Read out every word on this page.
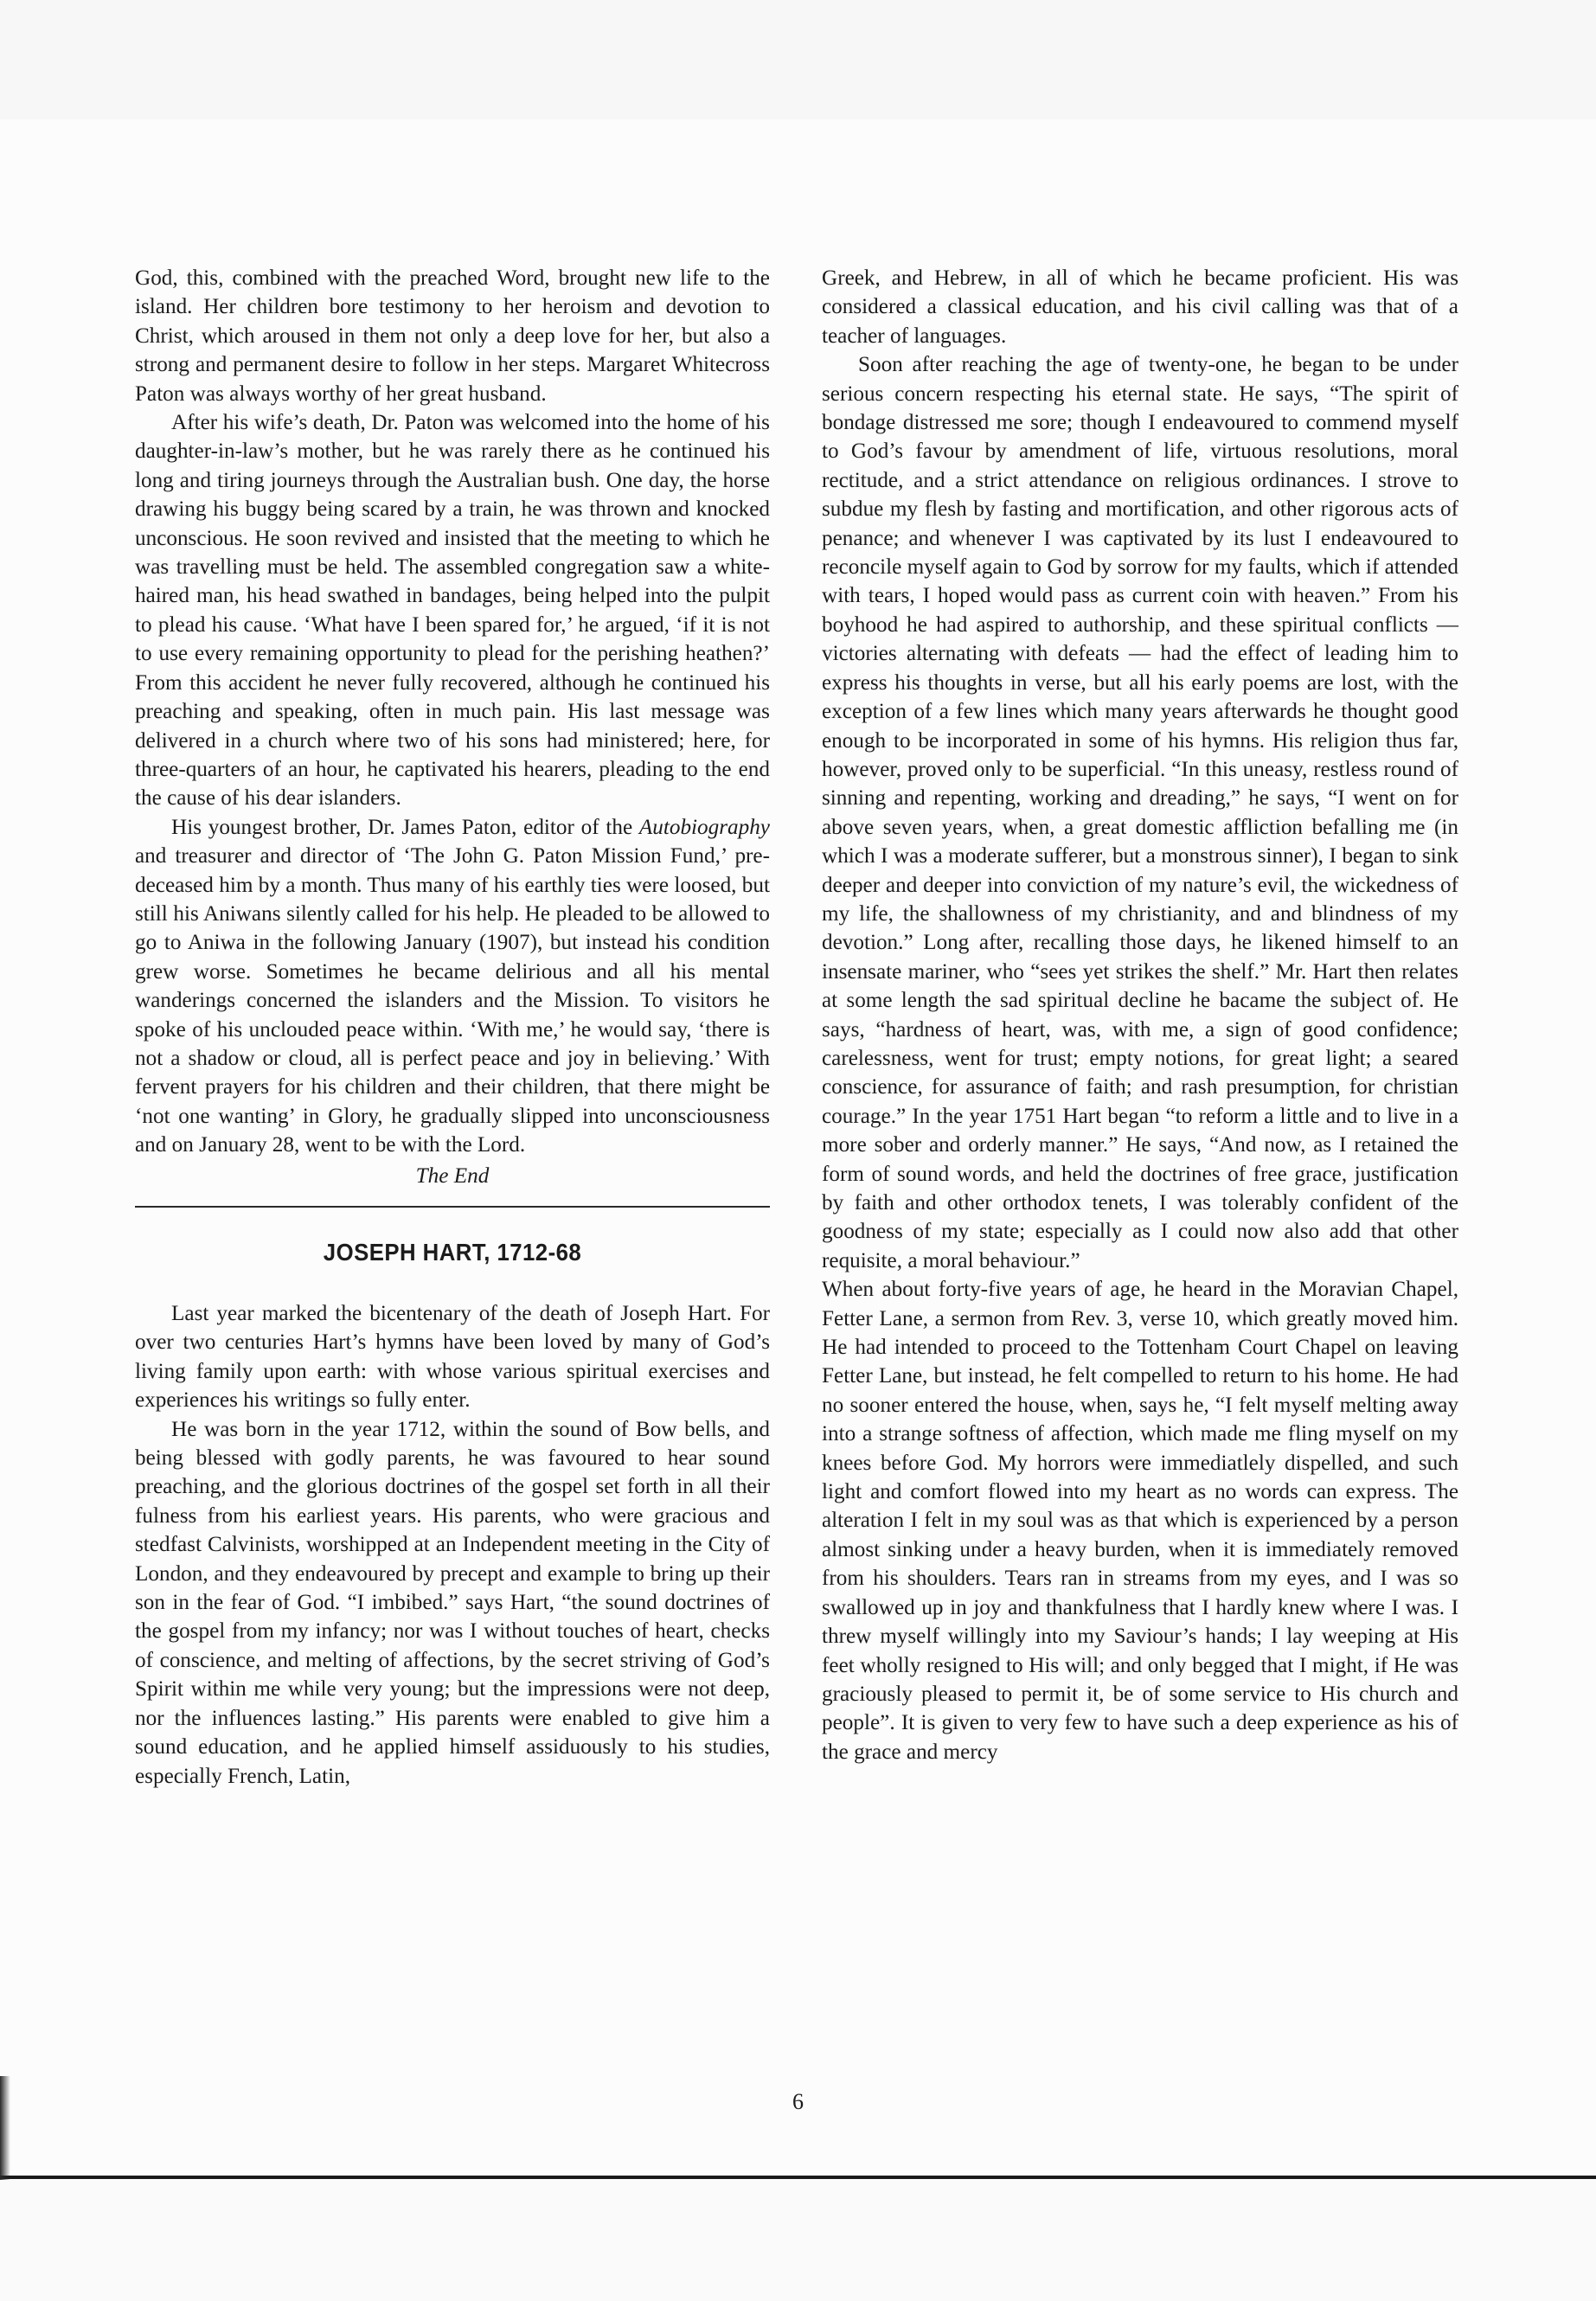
God, this, combined with the preached Word, brought new life to the island. Her children bore testimony to her heroism and devotion to Christ, which aroused in them not only a deep love for her, but also a strong and permanent desire to follow in her steps. Margaret Whitecross Paton was always worthy of her great husband.

After his wife’s death, Dr. Paton was welcomed into the home of his daughter-in-law’s mother, but he was rarely there as he continued his long and tiring journeys through the Australian bush. One day, the horse drawing his buggy being scared by a train, he was thrown and knocked unconscious. He soon revived and insisted that the meeting to which he was travelling must be held. The assembled congregation saw a white-haired man, his head swathed in bandages, being helped into the pulpit to plead his cause. ‘What have I been spared for,’ he argued, ‘if it is not to use every remaining opportunity to plead for the perishing heathen?’ From this accident he never fully recovered, although he continued his preaching and speaking, often in much pain. His last message was delivered in a church where two of his sons had ministered; here, for three-quarters of an hour, he captivated his hearers, pleading to the end the cause of his dear islanders.

His youngest brother, Dr. James Paton, editor of the Autobiography and treasurer and director of ‘The John G. Paton Mission Fund,’ pre-deceased him by a month. Thus many of his earthly ties were loosed, but still his Aniwans silently called for his help. He pleaded to be allowed to go to Aniwa in the following January (1907), but instead his condition grew worse. Sometimes he became delirious and all his mental wanderings concerned the islanders and the Mission. To visitors he spoke of his unclouded peace within. ‘With me,’ he would say, ‘there is not a shadow or cloud, all is perfect peace and joy in believing.’ With fervent prayers for his children and their children, that there might be ‘not one wanting’ in Glory, he gradually slipped into unconsciousness and on January 28, went to be with the Lord.

The End

JOSEPH HART, 1712-68

Last year marked the bicentenary of the death of Joseph Hart. For over two centuries Hart’s hymns have been loved by many of God’s living family upon earth: with whose various spiritual exercises and experiences his writings so fully enter.

He was born in the year 1712, within the sound of Bow bells, and being blessed with godly parents, he was favoured to hear sound preaching, and the glorious doctrines of the gospel set forth in all their fulness from his earliest years. His parents, who were gracious and stedfast Calvinists, worshipped at an Independent meeting in the City of London, and they endeavoured by precept and example to bring up their son in the fear of God. “I imbibed.” says Hart, “the sound doctrines of the gospel from my infancy; nor was I without touches of heart, checks of conscience, and melting of affections, by the secret striving of God’s Spirit within me while very young; but the impressions were not deep, nor the influences lasting.” His parents were enabled to give him a sound education, and he applied himself assiduously to his studies, especially French, Latin,

Greek, and Hebrew, in all of which he became proficient. His was considered a classical education, and his civil calling was that of a teacher of languages.

Soon after reaching the age of twenty-one, he began to be under serious concern respecting his eternal state. He says, “The spirit of bondage distressed me sore; though I endeavoured to commend myself to God’s favour by amendment of life, virtuous resolutions, moral rectitude, and a strict attendance on religious ordinances. I strove to subdue my flesh by fasting and mortification, and other rigorous acts of penance; and whenever I was captivated by its lust I endeavoured to reconcile myself again to God by sorrow for my faults, which if attended with tears, I hoped would pass as current coin with heaven.” From his boyhood he had aspired to authorship, and these spiritual conflicts — victories alternating with defeats — had the effect of leading him to express his thoughts in verse, but all his early poems are lost, with the exception of a few lines which many years afterwards he thought good enough to be incorporated in some of his hymns. His religion thus far, however, proved only to be superficial. “In this uneasy, restless round of sinning and repenting, working and dreading,” he says, “I went on for above seven years, when, a great domestic affliction befalling me (in which I was a moderate sufferer, but a monstrous sinner), I began to sink deeper and deeper into conviction of my nature’s evil, the wickedness of my life, the shallowness of my christianity, and and blindness of my devotion.” Long after, recalling those days, he likened himself to an insensate mariner, who “sees yet strikes the shelf.” Mr. Hart then relates at some length the sad spiritual decline he bacame the subject of. He says, “hardness of heart, was, with me, a sign of good confidence; carelessness, went for trust; empty notions, for great light; a seared conscience, for assurance of faith; and rash presumption, for christian courage.” In the year 1751 Hart began “to reform a little and to live in a more sober and orderly manner.” He says, “And now, as I retained the form of sound words, and held the doctrines of free grace, justification by faith and other orthodox tenets, I was tolerably confident of the goodness of my state; especially as I could now also add that other requisite, a moral behaviour.”

When about forty-five years of age, he heard in the Moravian Chapel, Fetter Lane, a sermon from Rev. 3, verse 10, which greatly moved him. He had intended to proceed to the Tottenham Court Chapel on leaving Fetter Lane, but instead, he felt compelled to return to his home. He had no sooner entered the house, when, says he, “I felt myself melting away into a strange softness of affection, which made me fling myself on my knees before God. My horrors were immediatlely dispelled, and such light and comfort flowed into my heart as no words can express. The alteration I felt in my soul was as that which is experienced by a person almost sinking under a heavy burden, when it is immediately removed from his shoulders. Tears ran in streams from my eyes, and I was so swallowed up in joy and thankfulness that I hardly knew where I was. I threw myself willingly into my Saviour’s hands; I lay weeping at His feet wholly resigned to His will; and only begged that I might, if He was graciously pleased to permit it, be of some service to His church and people”. It is given to very few to have such a deep experience as his of the grace and mercy

6
